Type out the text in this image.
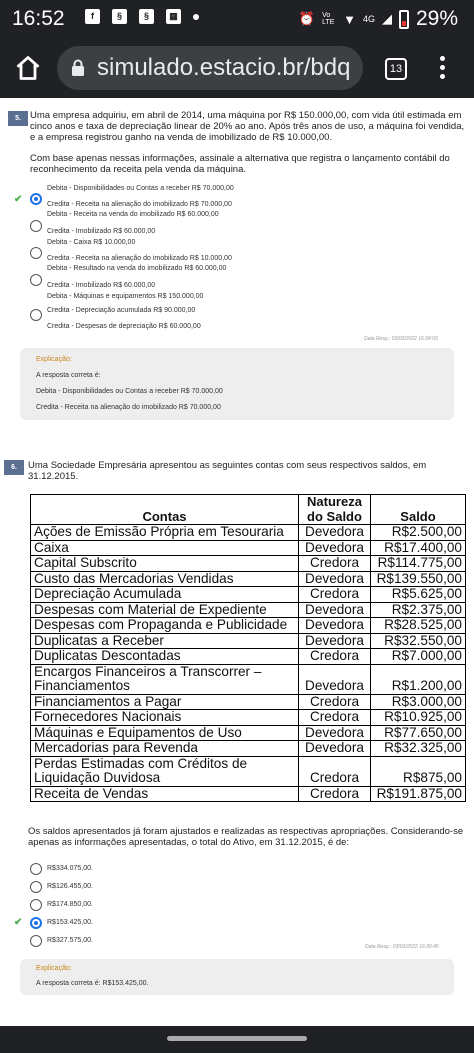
16:52	f	§	§	▦	⏰ Vo LTE ▼ 4G ◢ 29%
simulado.estacio.br/bdq	13
5. Uma empresa adquiriu, em abril de 2014, uma máquina por R$ 150.000,00, com vida útil estimada em
cinco anos e taxa de depreciação linear de 20% ao ano. Após três anos de uso, a máquina foi vendida,
e a empresa registrou ganho na venda de imobilizado de R$ 10.000,00.
Com base apenas nessas informações, assinale a alternativa que registra o lançamento contábil do
reconhecimento da receita pela venda da máquina.
✔
Debita - Disponibilidades ou Contas a receber R$ 70.000,00
Credita - Receita na alienação do imobilizado R$ 70.000,00
Debita - Receita na venda do imobilizado R$ 60.000,00
Credita - Imobilizado R$ 60.000,00
Debita - Caixa R$ 10.000,00
Credita - Receita na alienação do imobilizado R$ 10.000,00
Debita - Resultado na venda do imobilizado R$ 60.000,00
Credita - Imobilizado R$ 60.000,00
Debita - Máquinas e equipamentos R$ 150.000,00
Credita - Depreciação acumulada R$ 90.000,00
Credita - Despesas de depreciação R$ 60.000,00
Data Resp.: 03/03/2022 16:34:03
Explicação:
A resposta correta é:
Debita - Disponibilidades ou Contas a receber R$ 70.000,00
Credita - Receita na alienação do imobilizado R$ 70.000,00
6.	Uma Sociedade Empresária apresentou as seguintes contas com seus respectivos saldos, em
31.12.2015.
Contas	Natureza
do Saldo	Saldo

Ações de Emissão Própria em Tesouraria	Devedora	R$2.500,00

Caixa	Devedora	R$17.400,00

Capital Subscrito	Credora	R$114.775,00

Custo das Mercadorias Vendidas	Devedora	R$139.550,00

Depreciação Acumulada	Credora	R$5.625,00

Despesas com Material de Expediente	Devedora	R$2.375,00

Despesas com Propaganda e Publicidade	Devedora	R$28.525,00

Duplicatas a Receber	Devedora	R$32.550,00

Duplicatas Descontadas	Credora	R$7.000,00

Encargos Financeiros a Transcorrer –
Financiamentos	Devedora	R$1.200,00

Financiamentos a Pagar	Credora	R$3.000,00

Fornecedores Nacionais	Credora	R$10.925,00

Máquinas e Equipamentos de Uso	Devedora	R$77.650,00

Mercadorias para Revenda	Devedora	R$32.325,00

Perdas Estimadas com Créditos de
Liquidação Duvidosa	Credora	R$875,00

Receita de Vendas	Credora	R$191.875,00
Os saldos apresentados já foram ajustados e realizadas as respectivas apropriações. Considerando-se
apenas as informações apresentadas, o total do Ativo, em 31.12.2015, é de:
R$334.075,00.
R$126.455,00.
R$174.850,00.
R$153.425,00.
✔
R$327.575,00.
Data Resp.: 03/03/2022 16:39:45
Explicação:
A resposta correta é: R$153.425,00.
